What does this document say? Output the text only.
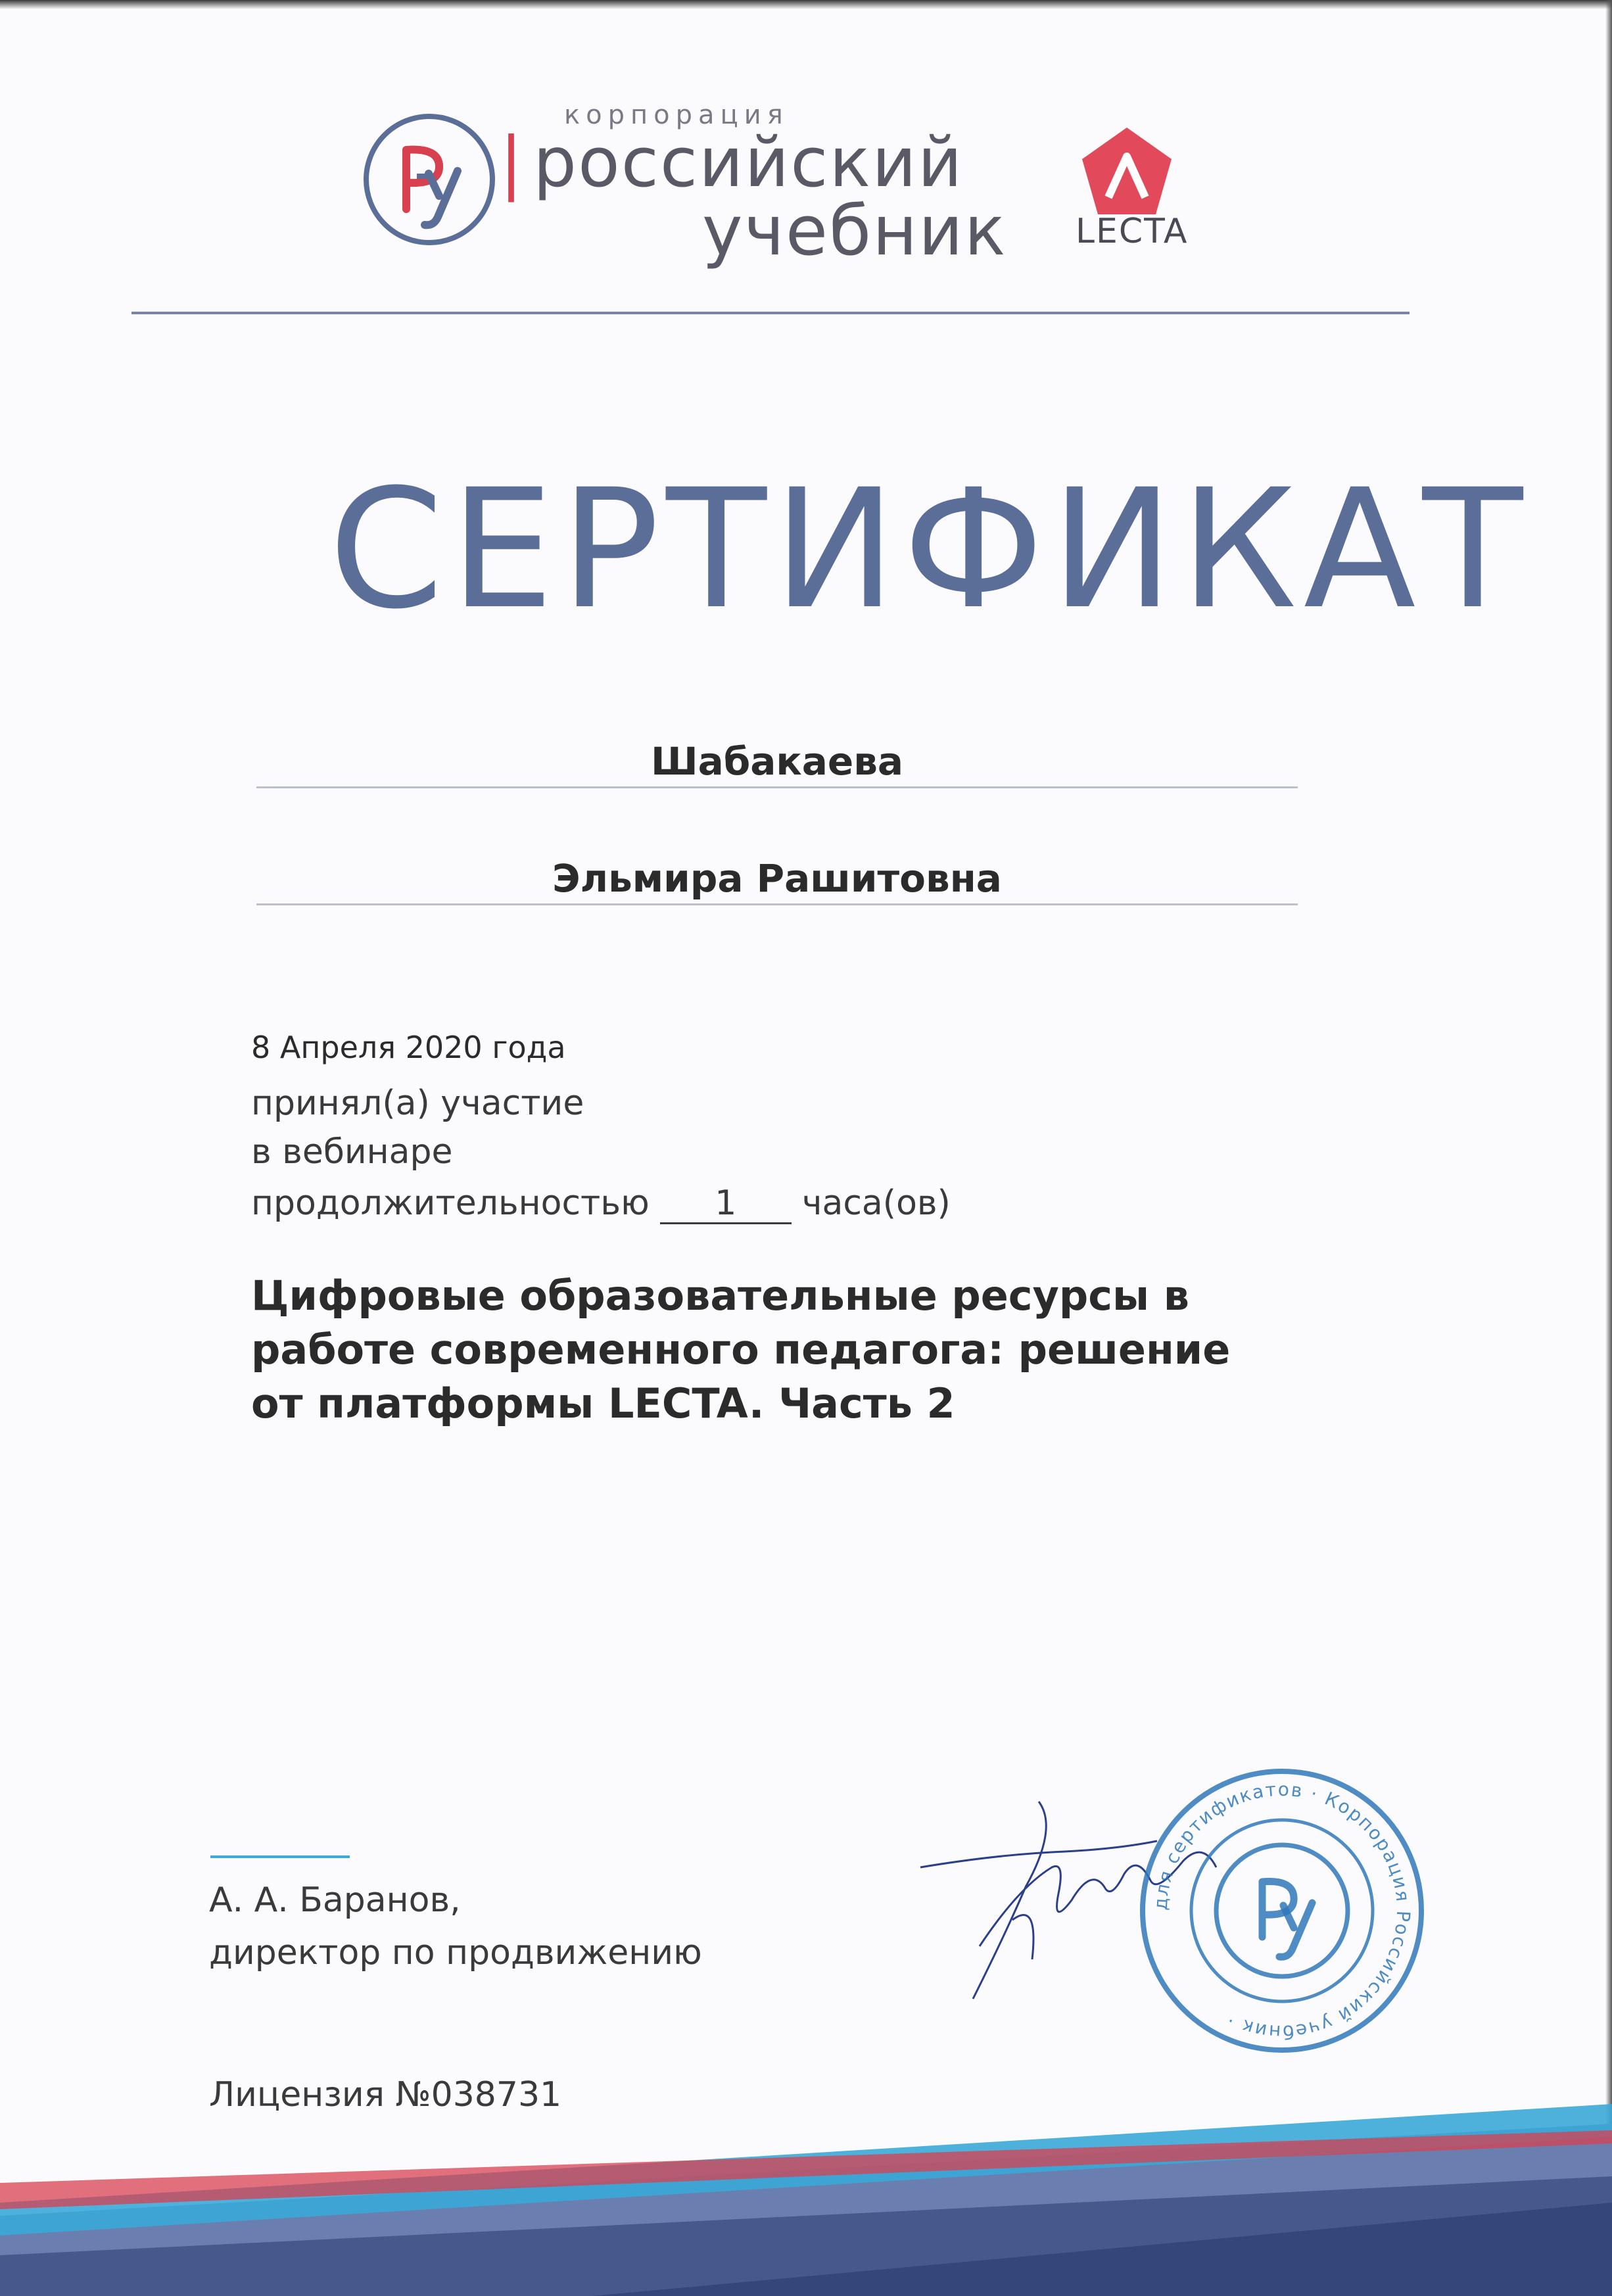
корпорация
| российский
учебник LECTA
СЕРТИФИКАТ
Шабакаева
Эльмира Рашитовна
8 Апреля 2020 года
принял(а) участие
в вебинаре
продолжительностью 1 часа(ов)
Цифровые образовательные ресурсы в работе современного педагога: решение от платформы LECTA. Часть 2
А. А. Баранов,
директор по продвижению
Лицензия №038731
для сертификатов · Корпорация Российский учебник ·
